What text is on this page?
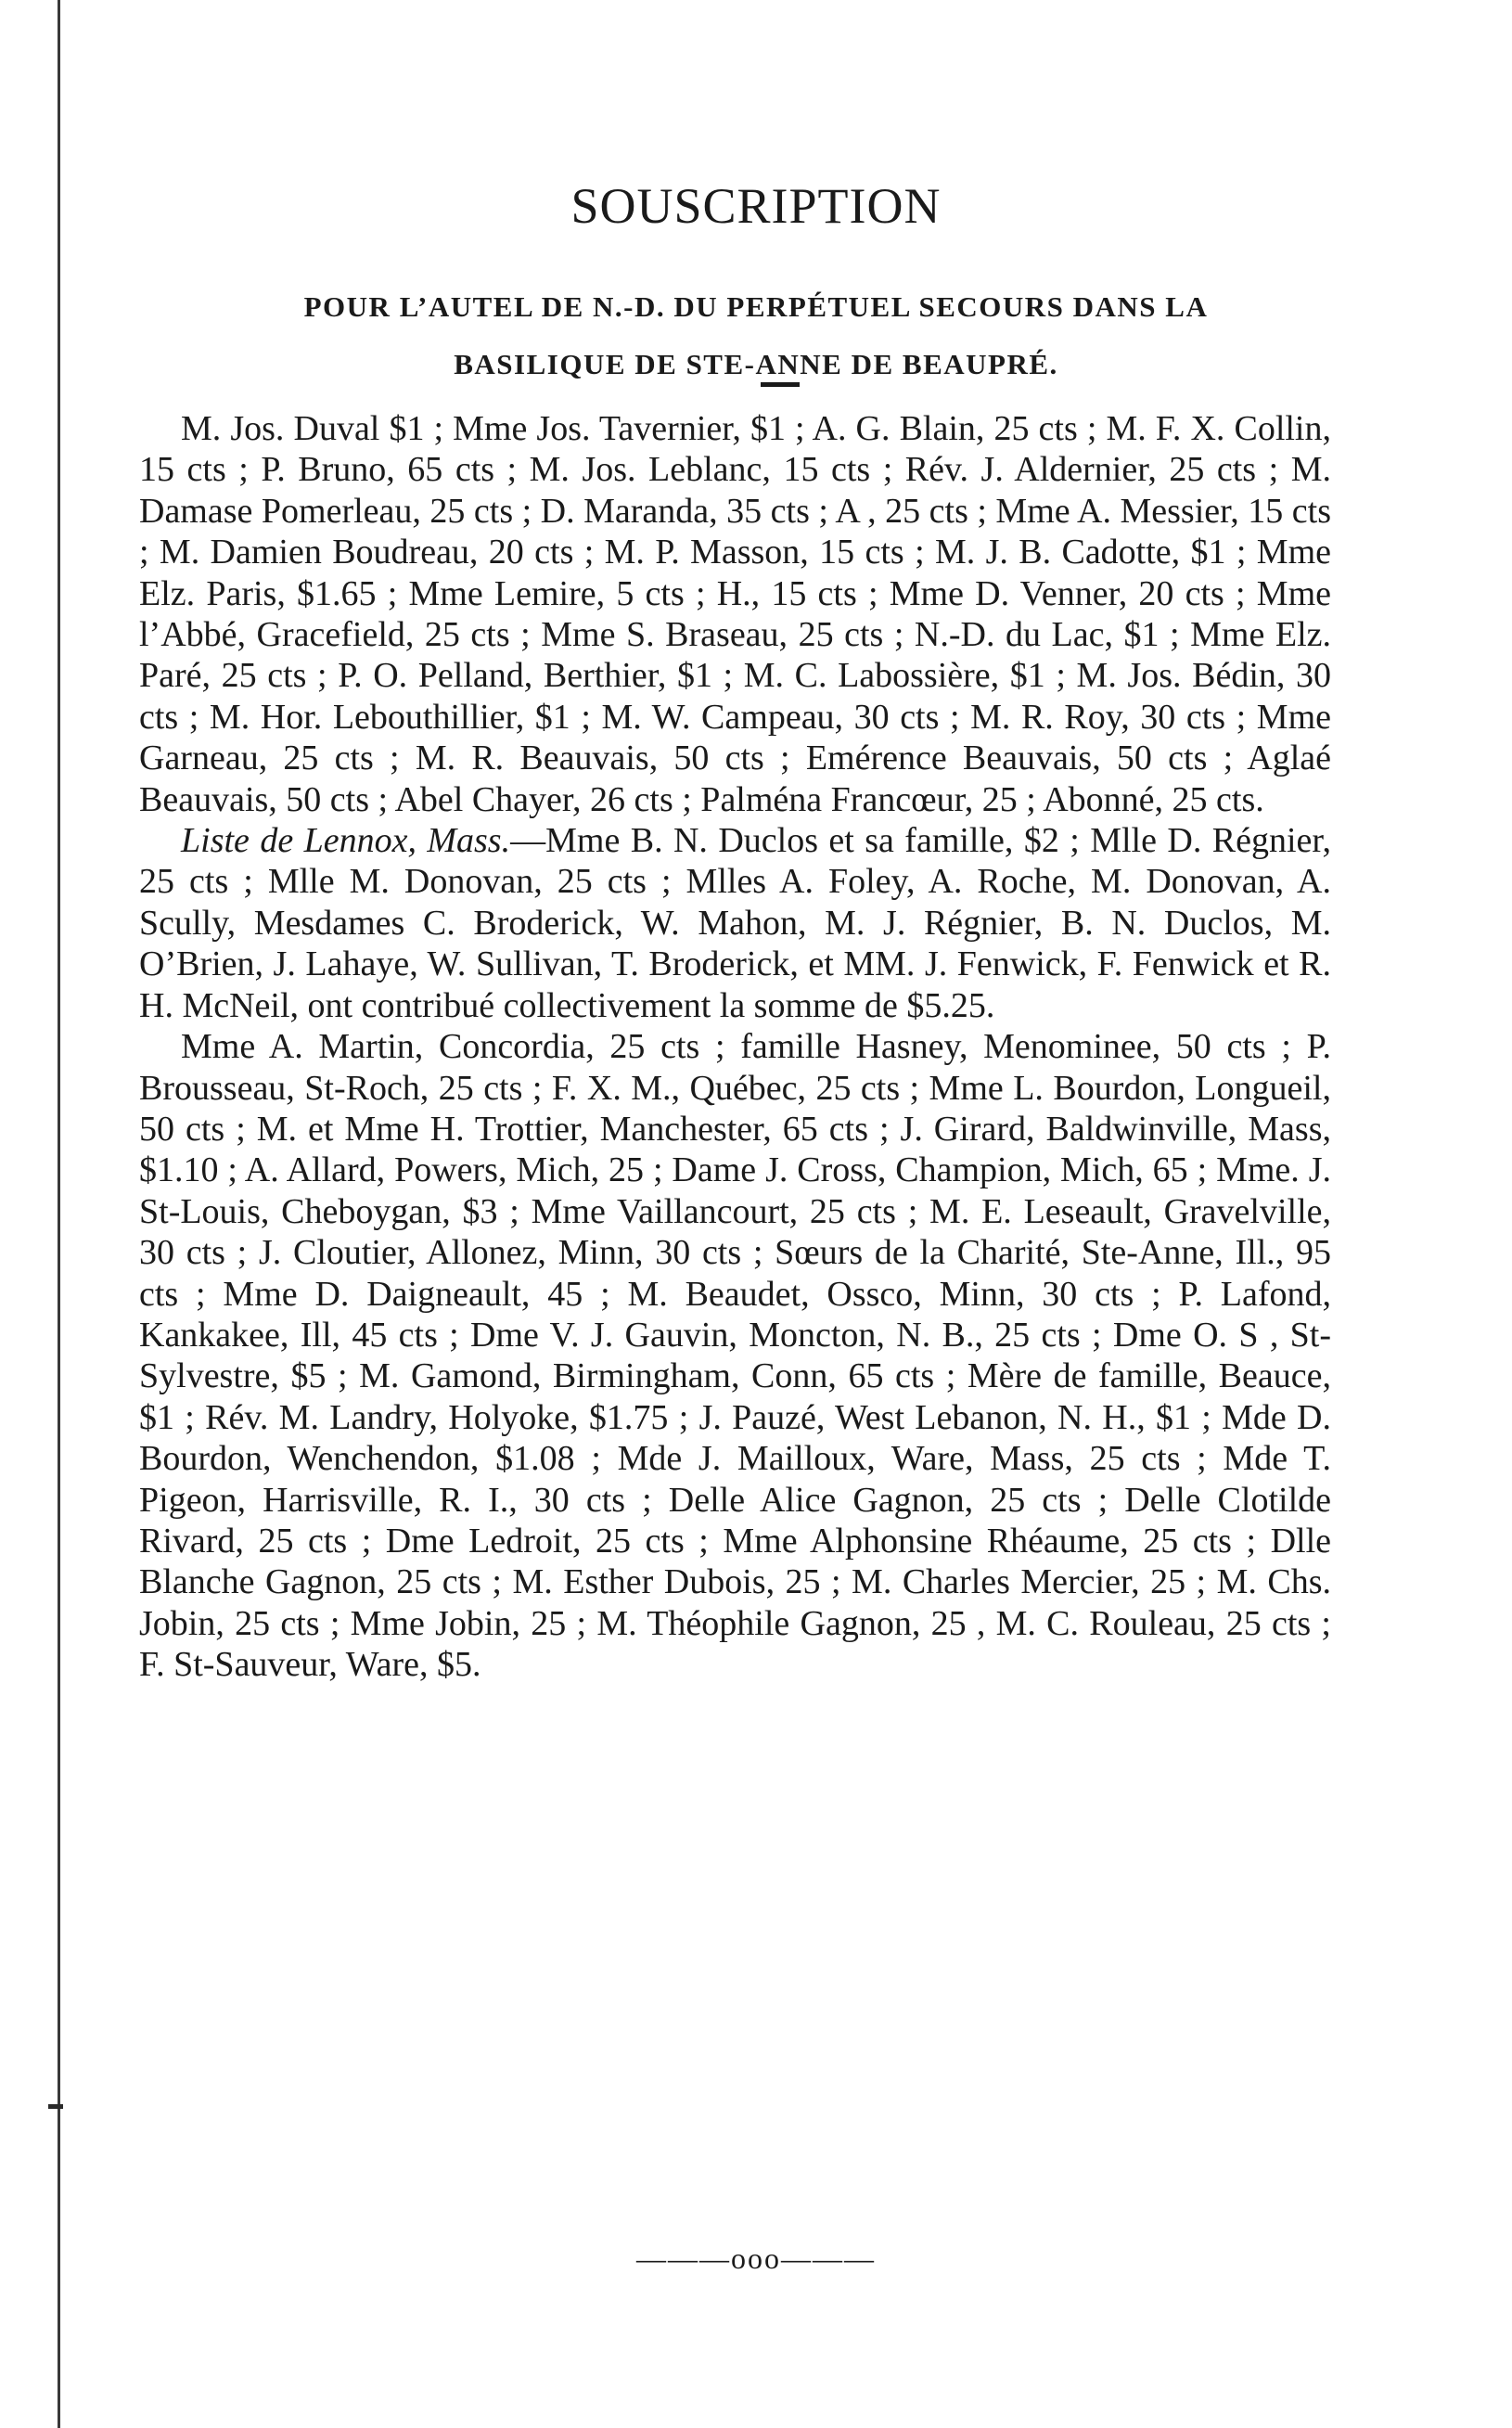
SOUSCRIPTION
POUR L’AUTEL DE N.-D. DU PERPÉTUEL SECOURS DANS LA
BASILIQUE DE STE-ANNE DE BEAUPRÉ.

M. Jos. Duval $1 ; Mme Jos. Tavernier, $1 ; A. G. Blain, 25 cts ; M. F. X. Collin, 15 cts ; P. Bruno, 65 cts ; M. Jos. Leblanc, 15 cts ; Rév. J. Aldernier, 25 cts ; M. Damase Pomerleau, 25 cts ; D. Maranda, 35 cts ; A , 25 cts ; Mme A. Messier, 15 cts ; M. Damien Boudreau, 20 cts ; M. P. Masson, 15 cts ; M. J. B. Cadotte, $1 ; Mme Elz. Paris, $1.65 ; Mme Lemire, 5 cts ; H., 15 cts ; Mme D. Venner, 20 cts ; Mme l’Abbé, Gracefield, 25 cts ; Mme S. Braseau, 25 cts ; N.-D. du Lac, $1 ; Mme Elz. Paré, 25 cts ; P. O. Pelland, Berthier, $1 ; M. C. Labossière, $1 ; M. Jos. Bédin, 30 cts ; M. Hor. Lebouthillier, $1 ; M. W. Campeau, 30 cts ; M. R. Roy, 30 cts ; Mme Garneau, 25 cts ; M. R. Beauvais, 50 cts ; Emérence Beauvais, 50 cts ; Aglaé Beauvais, 50 cts ; Abel Chayer, 26 cts ; Palména Francœur, 25 ; Abonné, 25 cts.

Liste de Lennox, Mass.—Mme B. N. Duclos et sa famille, $2 ; Mlle D. Régnier, 25 cts ; Mlle M. Donovan, 25 cts ; Mlles A. Foley, A. Roche, M. Donovan, A. Scully, Mesdames C. Broderick, W. Mahon, M. J. Régnier, B. N. Duclos, M. O’Brien, J. Lahaye, W. Sullivan, T. Broderick, et MM. J. Fenwick, F. Fenwick et R. H. McNeil, ont contribué collectivement la somme de $5.25.

Mme A. Martin, Concordia, 25 cts ; famille Hasney, Menominee, 50 cts ; P. Brousseau, St-Roch, 25 cts ; F. X. M., Québec, 25 cts ; Mme L. Bourdon, Longueil, 50 cts ; M. et Mme H. Trottier, Manchester, 65 cts ; J. Girard, Baldwinville, Mass, $1.10 ; A. Allard, Powers, Mich, 25 ; Dame J. Cross, Champion, Mich, 65 ; Mme. J. St-Louis, Cheboygan, $3 ; Mme Vaillancourt, 25 cts ; M. E. Leseault, Gravelville, 30 cts ; J. Cloutier, Allonez, Minn, 30 cts ; Sœurs de la Charité, Ste-Anne, Ill., 95 cts ; Mme D. Daigneault, 45 ; M. Beaudet, Ossco, Minn, 30 cts ; P. Lafond, Kankakee, Ill, 45 cts ; Dme V. J. Gauvin, Moncton, N. B., 25 cts ; Dme O. S , St-Sylvestre, $5 ; M. Gamond, Birmingham, Conn, 65 cts ; Mère de famille, Beauce, $1 ; Rév. M. Landry, Holyoke, $1.75 ; J. Pauzé, West Lebanon, N. H., $1 ; Mde D. Bourdon, Wenchendon, $1.08 ; Mde J. Mailloux, Ware, Mass, 25 cts ; Mde T. Pigeon, Harrisville, R. I., 30 cts ; Delle Alice Gagnon, 25 cts ; Delle Clotilde Rivard, 25 cts ; Dme Ledroit, 25 cts ; Mme Alphonsine Rhéaume, 25 cts ; Dlle Blanche Gagnon, 25 cts ; M. Esther Dubois, 25 ; M. Charles Mercier, 25 ; M. Chs. Jobin, 25 cts ; Mme Jobin, 25 ; M. Théophile Gagnon, 25 , M. C. Rouleau, 25 cts ; F. St-Sauveur, Ware, $5.

———ooo———
